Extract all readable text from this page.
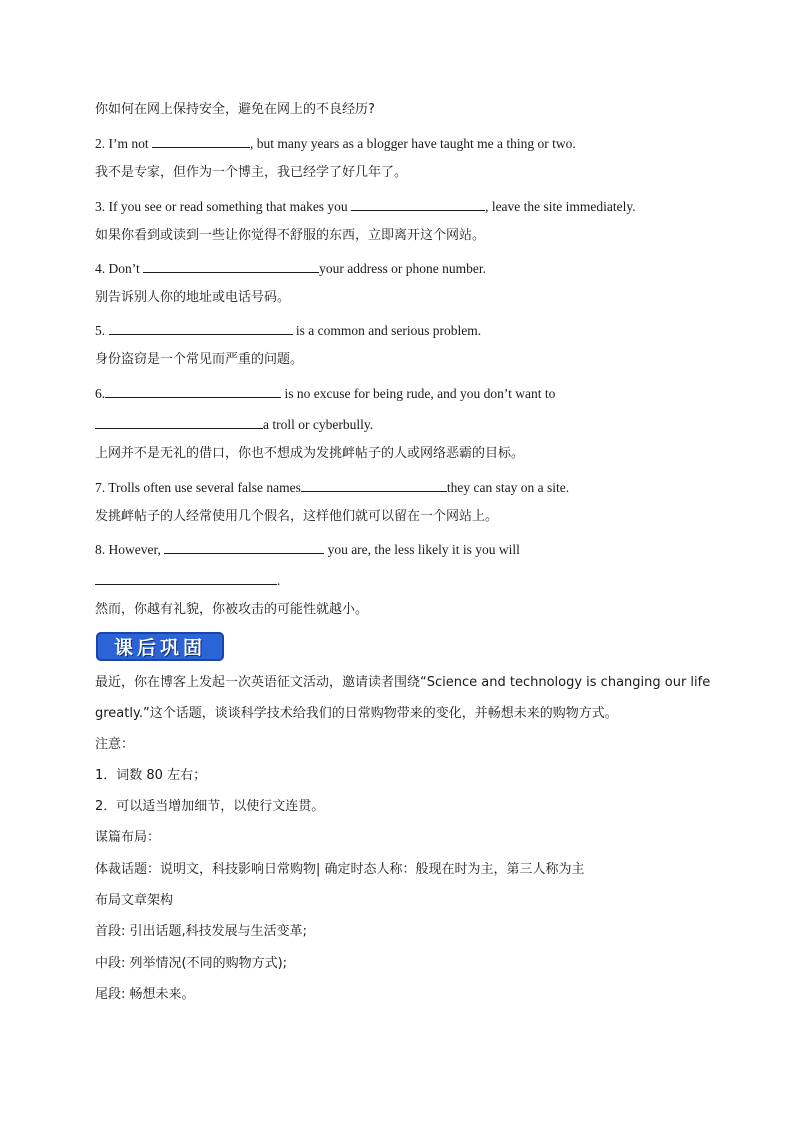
你如何在网上保持安全，避免在网上的不良经历?
2. I’m not	, but many years as a blogger have taught me a thing or two.
我不是专家，但作为一个博主，我已经学了好几年了。
3. If you see or read something that makes you	, leave the site immediately.
如果你看到或读到一些让你觉得不舒服的东西，立即离开这个网站。
4. Don’t	your address or phone number.
别告诉别人你的地址或电话号码。
5.	is a common and serious problem.
身份盗窃是一个常见而严重的问题。
6.	is no excuse for being rude, and you don’t want to
a troll or cyberbully.
上网并不是无礼的借口，你也不想成为发挑衅帖子的人或网络恶霸的目标。
7. Trolls often use several false names	they can stay on a site.
发挑衅帖子的人经常使用几个假名，这样他们就可以留在一个网站上。
8. However,	you are, the less likely it is you will
.
然而，你越有礼貌，你被攻击的可能性就越小。
课后巩固
最近，你在博客上发起一次英语征文活动，邀请读者围绕“Science and technology is changing our life
greatly.”这个话题，谈谈科学技术给我们的日常购物带来的变化，并畅想未来的购物方式。
注意：
1．词数 80 左右；
2．可以适当增加细节，以使行文连贯。
谋篇布局：
体裁话题：说明文，科技影响日常购物| 确定时态人称：般现在时为主，第三人称为主
布局文章架构
首段: 引出话题,科技发展与生活变革;
中段: 列举情况(不同的购物方式);
尾段: 畅想未来。
